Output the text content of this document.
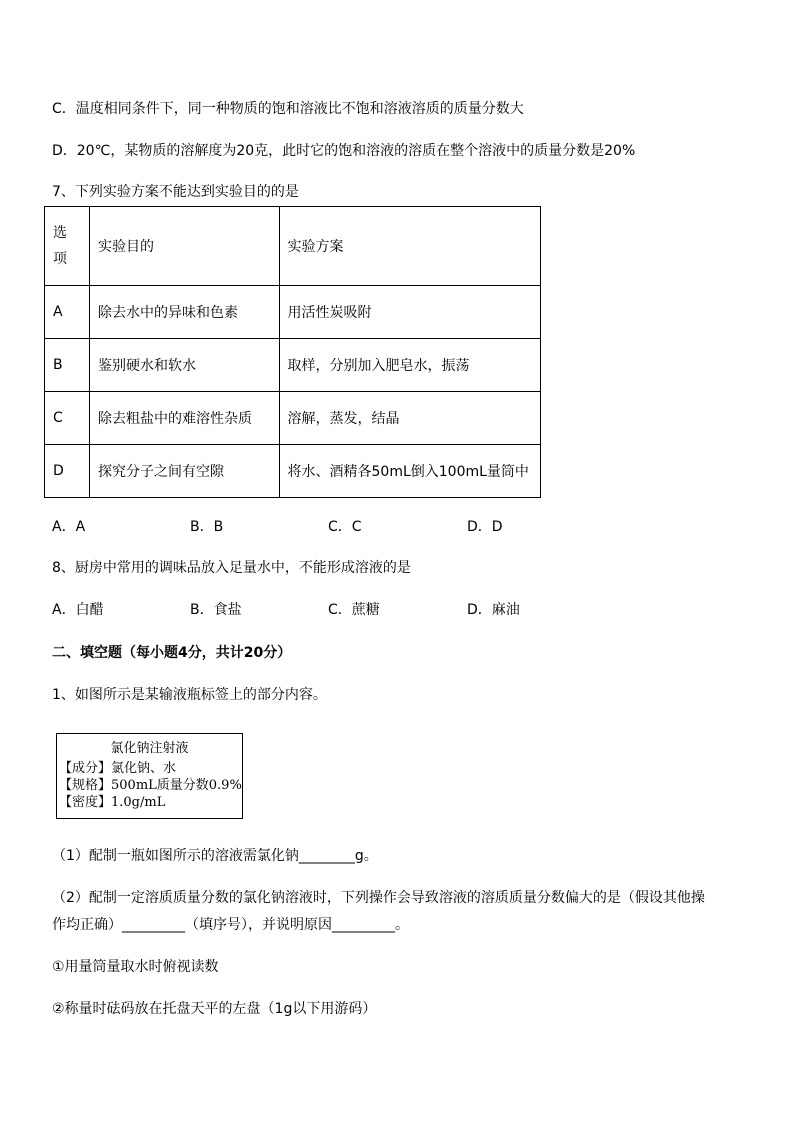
C．温度相同条件下，同一种物质的饱和溶液比不饱和溶液溶质的质量分数大
D．20℃，某物质的溶解度为20克，此时它的饱和溶液的溶质在整个溶液中的质量分数是20%
7、下列实验方案不能达到实验目的的是
选
项	实验目的	实验方案
A	除去水中的异味和色素	用活性炭吸附
B	鉴别硬水和软水	取样，分别加入肥皂水，振荡
C	除去粗盐中的难溶性杂质	溶解，蒸发，结晶
D	探究分子之间有空隙	将水、酒精各50mL倒入100mL量筒中
A．A	B．B	C．C	D．D
8、厨房中常用的调味品放入足量水中，不能形成溶液的是
A．白醋	B．食盐	C．蔗糖	D．麻油
二、填空题（每小题4分，共计20分）
1、如图所示是某输液瓶标签上的部分内容。
氯化钠注射液
【成分】氯化钠、水
【规格】500mL质量分数0.9%
【密度】1.0g/mL
（1）配制一瓶如图所示的溶液需氯化钠________g。
（2）配制一定溶质质量分数的氯化钠溶液时，下列操作会导致溶液的溶质质量分数偏大的是（假设其他操
作均正确）_________（填序号），并说明原因_________。
①用量筒量取水时俯视读数
②称量时砝码放在托盘天平的左盘（1g以下用游码）
